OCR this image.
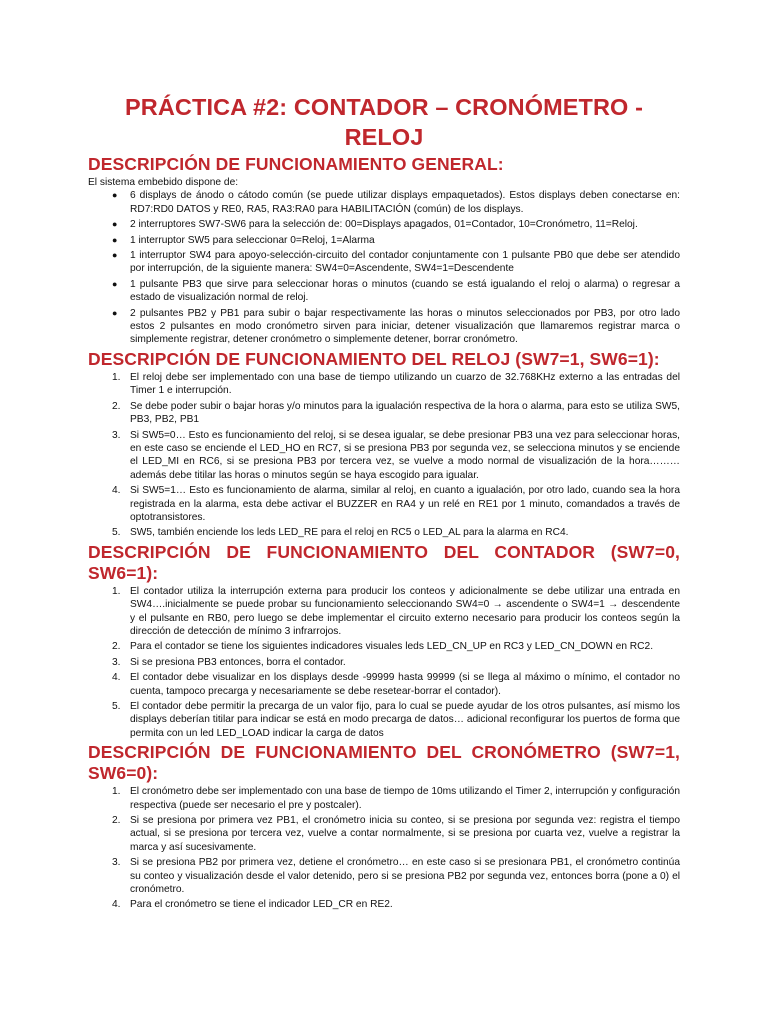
PRÁCTICA #2: CONTADOR – CRONÓMETRO - RELOJ
DESCRIPCIÓN DE FUNCIONAMIENTO GENERAL:

El sistema embebido dispone de:

● 6 displays de ánodo o cátodo común (se puede utilizar displays empaquetados). Estos displays deben conectarse en: RD7:RD0 DATOS y RE0, RA5, RA3:RA0 para HABILITACIÓN (común) de los displays.
● 2 interruptores SW7-SW6 para la selección de: 00=Displays apagados, 01=Contador, 10=Cronómetro, 11=Reloj.
● 1 interruptor SW5 para seleccionar 0=Reloj, 1=Alarma
● 1 interruptor SW4 para apoyo-selección-circuito del contador conjuntamente con 1 pulsante PB0 que debe ser atendido por interrupción, de la siguiente manera: SW4=0=Ascendente, SW4=1=Descendente
● 1 pulsante PB3 que sirve para seleccionar horas o minutos (cuando se está igualando el reloj o alarma) o regresar a estado de visualización normal de reloj.
● 2 pulsantes PB2 y PB1 para subir o bajar respectivamente las horas o minutos seleccionados por PB3, por otro lado estos 2 pulsantes en modo cronómetro sirven para iniciar, detener visualización que llamaremos registrar marca o simplemente registrar, detener cronómetro o simplemente detener, borrar cronómetro.
DESCRIPCIÓN DE FUNCIONAMIENTO DEL RELOJ (SW7=1, SW6=1):
1. El reloj debe ser implementado con una base de tiempo utilizando un cuarzo de 32.768KHz externo a las entradas del Timer 1 e interrupción.
2. Se debe poder subir o bajar horas y/o minutos para la igualación respectiva de la hora o alarma, para esto se utiliza SW5, PB3, PB2, PB1
3. Si SW5=0… Esto es funcionamiento del reloj, si se desea igualar, se debe presionar PB3 una vez para seleccionar horas, en este caso se enciende el LED_HO en RC7, si se presiona PB3 por segunda vez, se selecciona minutos y se enciende el LED_MI en RC6, si se presiona PB3 por tercera vez, se vuelve a modo normal de visualización de la hora……… además debe titilar las horas o minutos según se haya escogido para igualar.
4. Si SW5=1… Esto es funcionamiento de alarma, similar al reloj, en cuanto a igualación, por otro lado, cuando sea la hora registrada en la alarma, esta debe activar el BUZZER en RA4 y un relé en RE1 por 1 minuto, comandados a través de optotransistores.
5. SW5, también enciende los leds LED_RE para el reloj en RC5 o LED_AL para la alarma en RC4.
DESCRIPCIÓN DE FUNCIONAMIENTO DEL CONTADOR (SW7=0, SW6=1):
1. El contador utiliza la interrupción externa para producir los conteos y adicionalmente se debe utilizar una entrada en SW4….inicialmente se puede probar su funcionamiento seleccionando SW4=0 → ascendente o SW4=1 → descendente y el pulsante en RB0, pero luego se debe implementar el circuito externo necesario para producir los conteos según la dirección de detección de mínimo 3 infrarrojos.
2. Para el contador se tiene los siguientes indicadores visuales leds LED_CN_UP en RC3 y LED_CN_DOWN en RC2.
3. Si se presiona PB3 entonces, borra el contador.
4. El contador debe visualizar en los displays desde -99999 hasta 99999 (si se llega al máximo o mínimo, el contador no cuenta, tampoco precarga y necesariamente se debe resetear-borrar el contador).
5. El contador debe permitir la precarga de un valor fijo, para lo cual se puede ayudar de los otros pulsantes, así mismo los displays deberían titilar para indicar se está en modo precarga de datos… adicional reconfigurar los puertos de forma que permita con un led LED_LOAD indicar la carga de datos
DESCRIPCIÓN DE FUNCIONAMIENTO DEL CRONÓMETRO (SW7=1, SW6=0):
1. El cronómetro debe ser implementado con una base de tiempo de 10ms utilizando el Timer 2, interrupción y configuración respectiva (puede ser necesario el pre y postcaler).
2. Si se presiona por primera vez PB1, el cronómetro inicia su conteo, si se presiona por segunda vez: registra el tiempo actual, si se presiona por tercera vez, vuelve a contar normalmente, si se presiona por cuarta vez, vuelve a registrar la marca y así sucesivamente.
3. Si se presiona PB2 por primera vez, detiene el cronómetro… en este caso si se presionara PB1, el cronómetro continúa su conteo y visualización desde el valor detenido, pero si se presiona PB2 por segunda vez, entonces borra (pone a 0) el cronómetro.
4. Para el cronómetro se tiene el indicador LED_CR en RE2.
